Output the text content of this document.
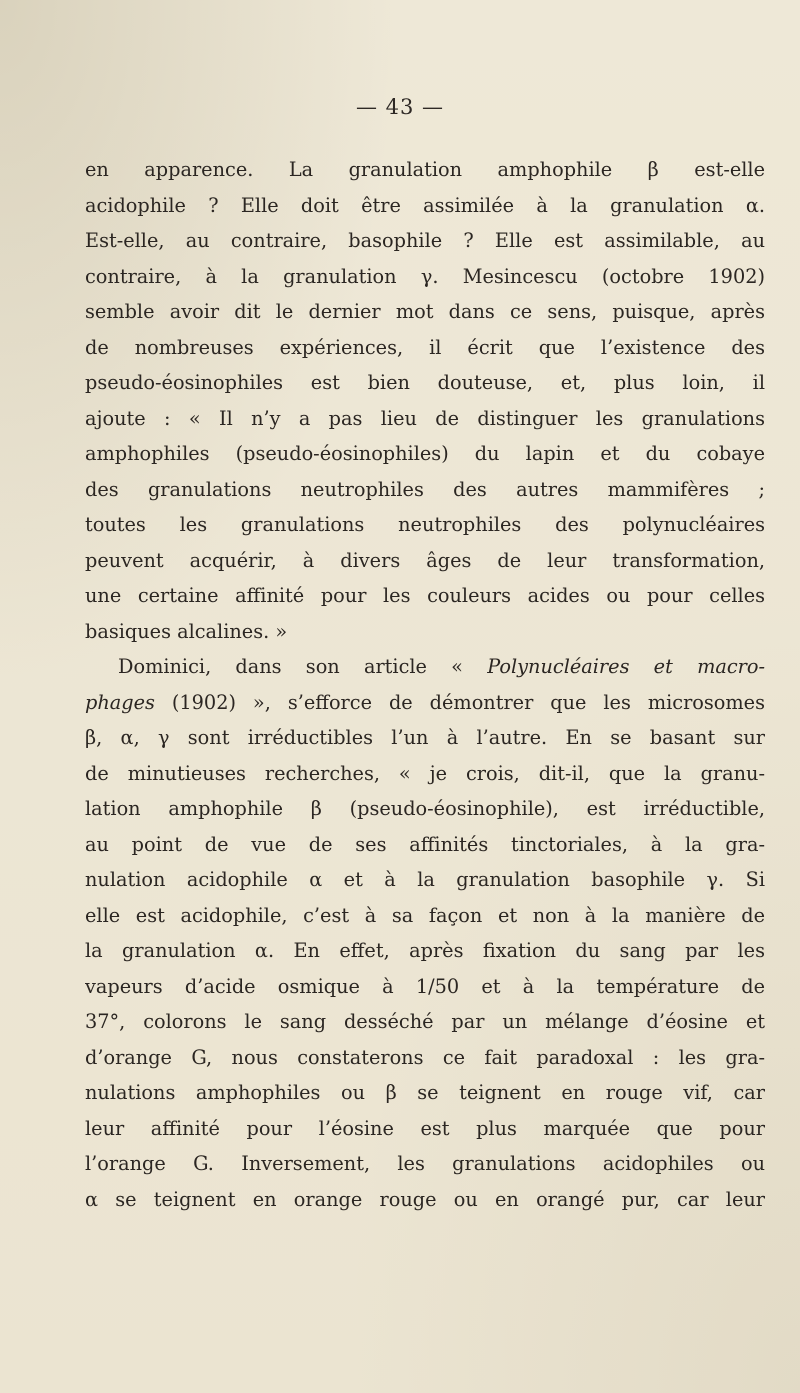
— 43 —
en apparence. La granulation amphophile β est-elle
acidophile ? Elle doit être assimilée à la granulation α.
Est-elle, au contraire, basophile ? Elle est assimilable, au
contraire, à la granulation γ. Mesincescu (octobre 1902)
semble avoir dit le dernier mot dans ce sens, puisque, après
de nombreuses expériences, il écrit que l’existence des
pseudo-éosinophiles est bien douteuse, et, plus loin, il
ajoute : « Il n’y a pas lieu de distinguer les granulations
amphophiles (pseudo-éosinophiles) du lapin et du cobaye
des granulations neutrophiles des autres mammifères ;
toutes les granulations neutrophiles des polynucléaires
peuvent acquérir, à divers âges de leur transformation,
une certaine affinité pour les couleurs acides ou pour celles
basiques alcalines. »
Dominici, dans son article « Polynucléaires et macro-
phages (1902) », s’efforce de démontrer que les microsomes
β, α, γ sont irréductibles l’un à l’autre. En se basant sur
de minutieuses recherches, « je crois, dit-il, que la granu-
lation amphophile β (pseudo-éosinophile), est irréductible,
au point de vue de ses affinités tinctoriales, à la gra-
nulation acidophile α et à la granulation basophile γ. Si
elle est acidophile, c’est à sa façon et non à la manière de
la granulation α. En effet, après fixation du sang par les
vapeurs d’acide osmique à 1/50 et à la température de
37°, colorons le sang desséché par un mélange d’éosine et
d’orange G, nous constaterons ce fait paradoxal : les gra-
nulations amphophiles ou β se teignent en rouge vif, car
leur affinité pour l’éosine est plus marquée que pour
l’orange G. Inversement, les granulations acidophiles ou
α se teignent en orange rouge ou en orangé pur, car leur
